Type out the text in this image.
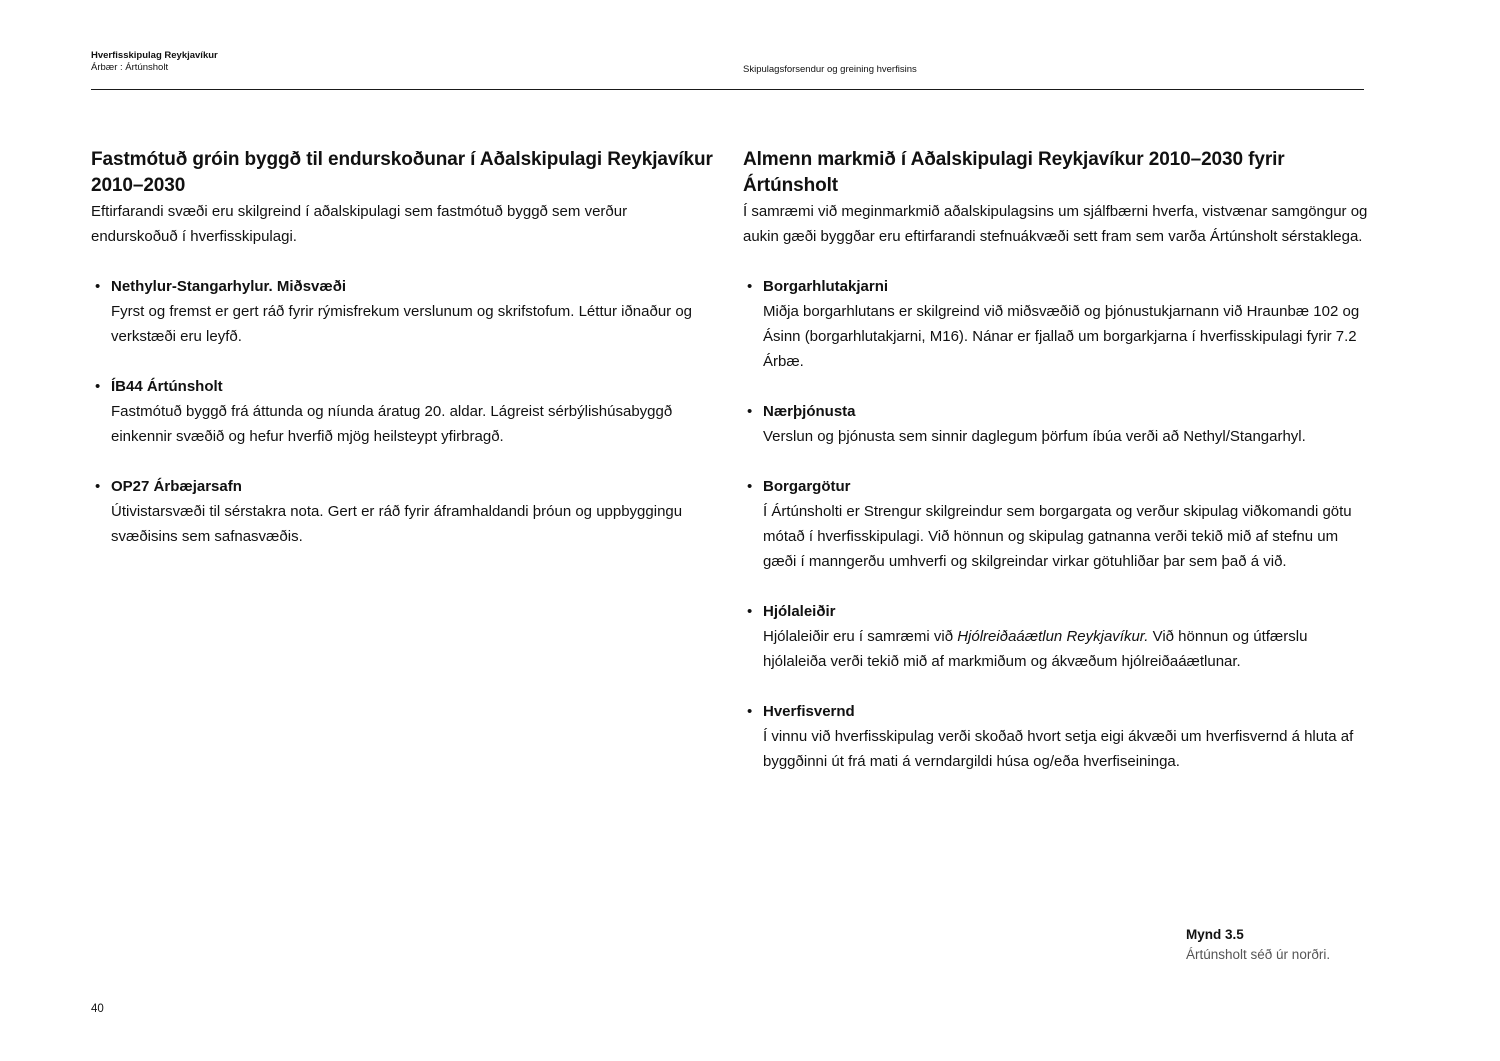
Hverfisskipulag Reykjavíkur
Árbær : Ártúnsholt	Skipulagsforsendur og greining hverfisins
Fastmótuð gróin byggð til endurskoðunar í Aðalskipulagi Reykjavíkur 2010–2030

Eftirfarandi svæði eru skilgreind í aðalskipulagi sem fastmótuð byggð sem verður endurskoðuð í hverfisskipulagi.

• Nethylur-Stangarhylur. Miðsvæði
Fyrst og fremst er gert ráð fyrir rýmisfrekum verslunum og skrifstofum. Léttur iðnaður og verkstæði eru leyfð.
• ÍB44 Ártúnsholt
Fastmótuð byggð frá áttunda og níunda áratug 20. aldar. Lágreist sérbýlishúsabyggð einkennir svæðið og hefur hverfið mjög heilsteypt yfirbragð.
• OP27 Árbæjarsafn
Útivistarsvæði til sérstakra nota. Gert er ráð fyrir áframhaldandi þróun og uppbyggingu svæðisins sem safnasvæðis.
Almenn markmið í Aðalskipulagi Reykjavíkur 2010–2030 fyrir Ártúnsholt

Í samræmi við meginmarkmið aðalskipulagsins um sjálfbærni hverfa, vistvænar samgöngur og aukin gæði byggðar eru eftirfarandi stefnuákvæði sett fram sem varða Ártúnsholt sérstaklega.

• Borgarhlutakjarni
Miðja borgarhlutans er skilgreind við miðsvæðið og þjónustukjarnann við Hraunbæ 102 og Ásinn (borgarhlutakjarni, M16). Nánar er fjallað um borgarkjarna í hverfisskipulagi fyrir 7.2 Árbæ.
• Nærþjónusta
Verslun og þjónusta sem sinnir daglegum þörfum íbúa verði að Nethyl/Stangarhyl.
• Borgargötur
Í Ártúnsholti er Strengur skilgreindur sem borgargata og verður skipulag viðkomandi götu mótað í hverfisskipulagi. Við hönnun og skipulag gatnanna verði tekið mið af stefnu um gæði í manngerðu umhverfi og skilgreindar virkar götuhliðar þar sem það á við.
• Hjólaleiðir
Hjólaleiðir eru í samræmi við Hjólreiðaáætlun Reykjavíkur. Við hönnun og útfærslu hjólaleiða verði tekið mið af markmiðum og ákvæðum hjólreiðaáætlunar.
• Hverfisvernd
Í vinnu við hverfisskipulag verði skoðað hvort setja eigi ákvæði um hverfisvernd á hluta af byggðinni út frá mati á verndargildi húsa og/eða hverfiseininga.
Mynd 3.5
Ártúnsholt séð úr norðri.
40
